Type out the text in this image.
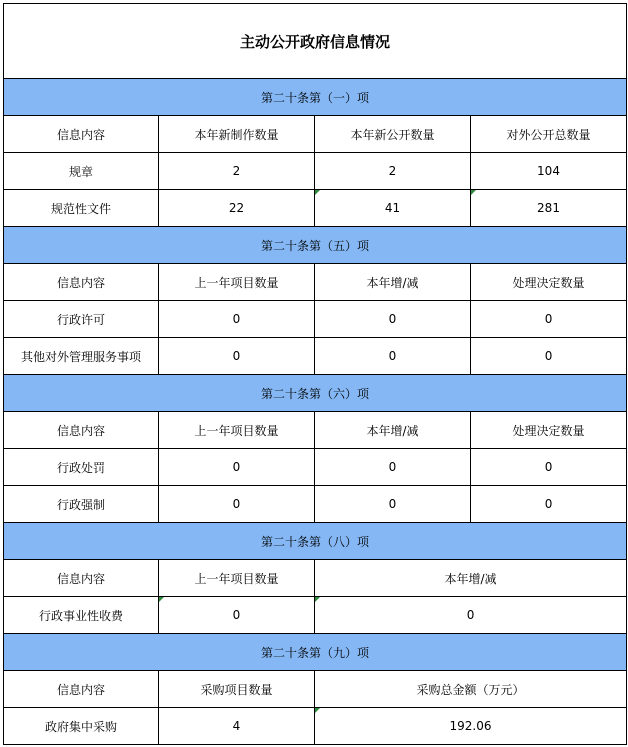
主动公开政府信息情况			
第二十条第（一）项			
信息内容	本年新制作数量	本年新公开数量	对外公开总数量
规章	2	2	104
规范性文件	22	41	281
第二十条第（五）项			
信息内容	上一年项目数量	本年增/减	处理决定数量
行政许可	0	0	0
其他对外管理服务事项	0	0	0
第二十条第（六）项			
信息内容	上一年项目数量	本年增/减	处理决定数量
行政处罚	0	0	0
行政强制	0	0	0
第二十条第（八）项			
信息内容	上一年项目数量	本年增/减	
行政事业性收费	0	0	
第二十条第（九）项			
信息内容	采购项目数量	采购总金额（万元）	
政府集中采购	4	192.06	
